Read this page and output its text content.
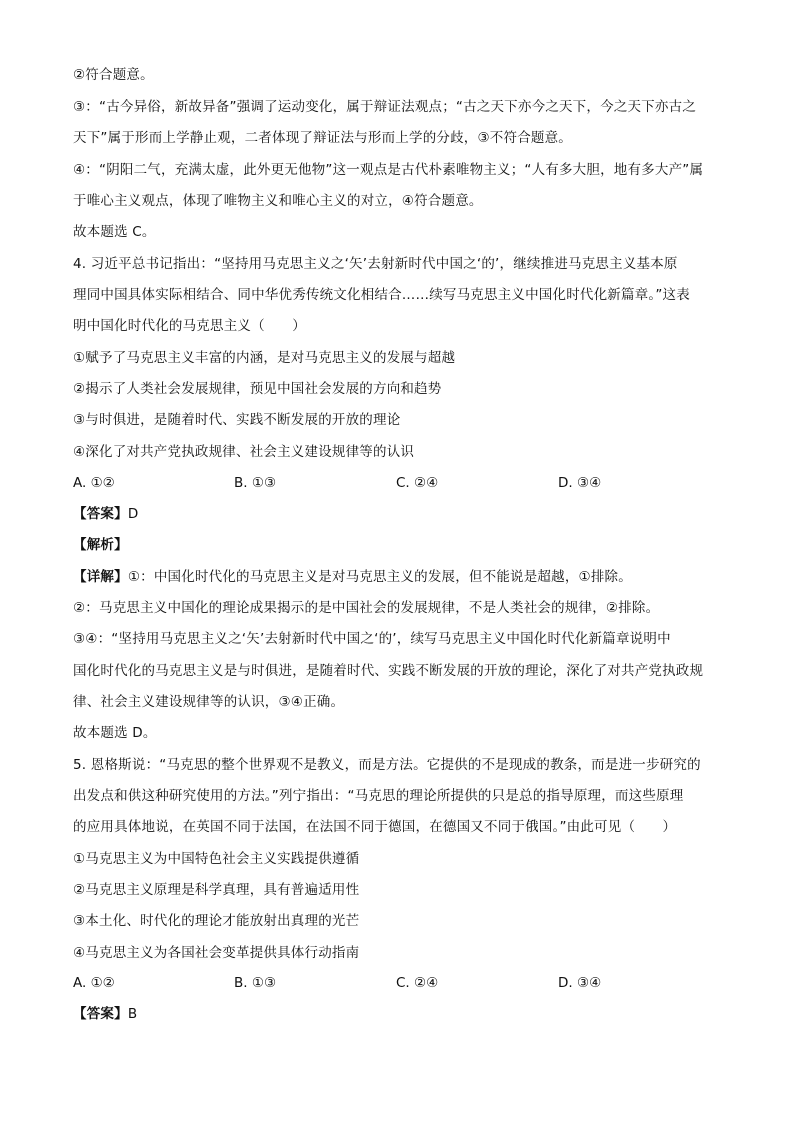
②符合题意。
③：“古今异俗，新故异备”强调了运动变化，属于辩证法观点；“古之天下亦今之天下，今之天下亦古之
天下”属于形而上学静止观，二者体现了辩证法与形而上学的分歧，③不符合题意。
④：“阴阳二气，充满太虚，此外更无他物”这一观点是古代朴素唯物主义；“人有多大胆，地有多大产”属
于唯心主义观点，体现了唯物主义和唯心主义的对立，④符合题意。
故本题选 C。
4. 习近平总书记指出：“坚持用马克思主义之‘矢’去射新时代中国之‘的’，继续推进马克思主义基本原
理同中国具体实际相结合、同中华优秀传统文化相结合……续写马克思主义中国化时代化新篇章。”这表
明中国化时代化的马克思主义（　　）
①赋予了马克思主义丰富的内涵，是对马克思主义的发展与超越
②揭示了人类社会发展规律，预见中国社会发展的方向和趋势
③与时俱进，是随着时代、实践不断发展的开放的理论
④深化了对共产党执政规律、社会主义建设规律等的认识
A. ①②	B. ①③	C. ②④	D. ③④
【答案】D
【解析】
【详解】①：中国化时代化的马克思主义是对马克思主义的发展，但不能说是超越，①排除。
②：马克思主义中国化的理论成果揭示的是中国社会的发展规律，不是人类社会的规律，②排除。
③④：“坚持用马克思主义之‘矢’去射新时代中国之‘的’，续写马克思主义中国化时代化新篇章说明中
国化时代化的马克思主义是与时俱进，是随着时代、实践不断发展的开放的理论，深化了对共产党执政规
律、社会主义建设规律等的认识，③④正确。
故本题选 D。
5. 恩格斯说：“马克思的整个世界观不是教义，而是方法。它提供的不是现成的教条，而是进一步研究的
出发点和供这种研究使用的方法。”列宁指出：“马克思的理论所提供的只是总的指导原理，而这些原理
的应用具体地说，在英国不同于法国，在法国不同于德国，在德国又不同于俄国。”由此可见（　　）
①马克思主义为中国特色社会主义实践提供遵循
②马克思主义原理是科学真理，具有普遍适用性
③本土化、时代化的理论才能放射出真理的光芒
④马克思主义为各国社会变革提供具体行动指南
A. ①②	B. ①③	C. ②④	D. ③④
【答案】B
